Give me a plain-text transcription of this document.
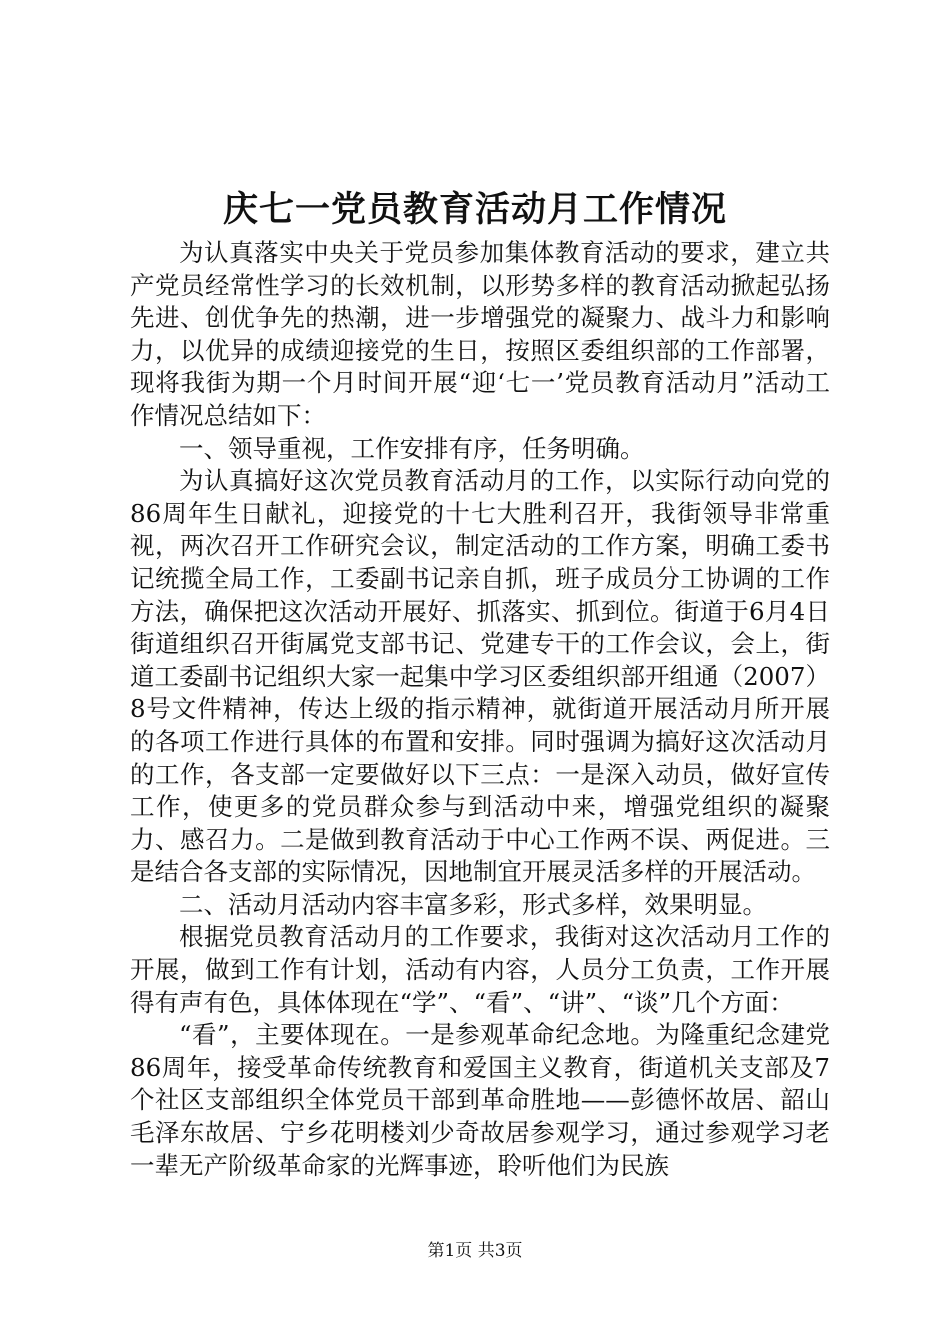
庆七一党员教育活动月工作情况

为认真落实中央关于党员参加集体教育活动的要求，建立共产党员经常性学习的长效机制，以形势多样的教育活动掀起弘扬先进、创优争先的热潮，进一步增强党的凝聚力、战斗力和影响力，以优异的成绩迎接党的生日，按照区委组织部的工作部署，现将我街为期一个月时间开展“迎‘七一’党员教育活动月”活动工作情况总结如下：

一、领导重视，工作安排有序，任务明确。

为认真搞好这次党员教育活动月的工作，以实际行动向党的86周年生日献礼，迎接党的十七大胜利召开，我街领导非常重视，两次召开工作研究会议，制定活动的工作方案，明确工委书记统揽全局工作，工委副书记亲自抓，班子成员分工协调的工作方法，确保把这次活动开展好、抓落实、抓到位。街道于6月4日街道组织召开街属党支部书记、党建专干的工作会议，会上，街道工委副书记组织大家一起集中学习区委组织部开组通（2007）8号文件精神，传达上级的指示精神，就街道开展活动月所开展的各项工作进行具体的布置和安排。同时强调为搞好这次活动月的工作，各支部一定要做好以下三点：一是深入动员，做好宣传工作，使更多的党员群众参与到活动中来，增强党组织的凝聚力、感召力。二是做到教育活动于中心工作两不误、两促进。三是结合各支部的实际情况，因地制宜开展灵活多样的开展活动。

二、活动月活动内容丰富多彩，形式多样，效果明显。

根据党员教育活动月的工作要求，我街对这次活动月工作的开展，做到工作有计划，活动有内容，人员分工负责，工作开展得有声有色，具体体现在“学”、“看”、“讲”、“谈”几个方面：

“看”，主要体现在。一是参观革命纪念地。为隆重纪念建党86周年，接受革命传统教育和爱国主义教育，街道机关支部及7个社区支部组织全体党员干部到革命胜地——彭德怀故居、韶山毛泽东故居、宁乡花明楼刘少奇故居参观学习，通过参观学习老一辈无产阶级革命家的光辉事迹，聆听他们为民族

第1页 共3页
